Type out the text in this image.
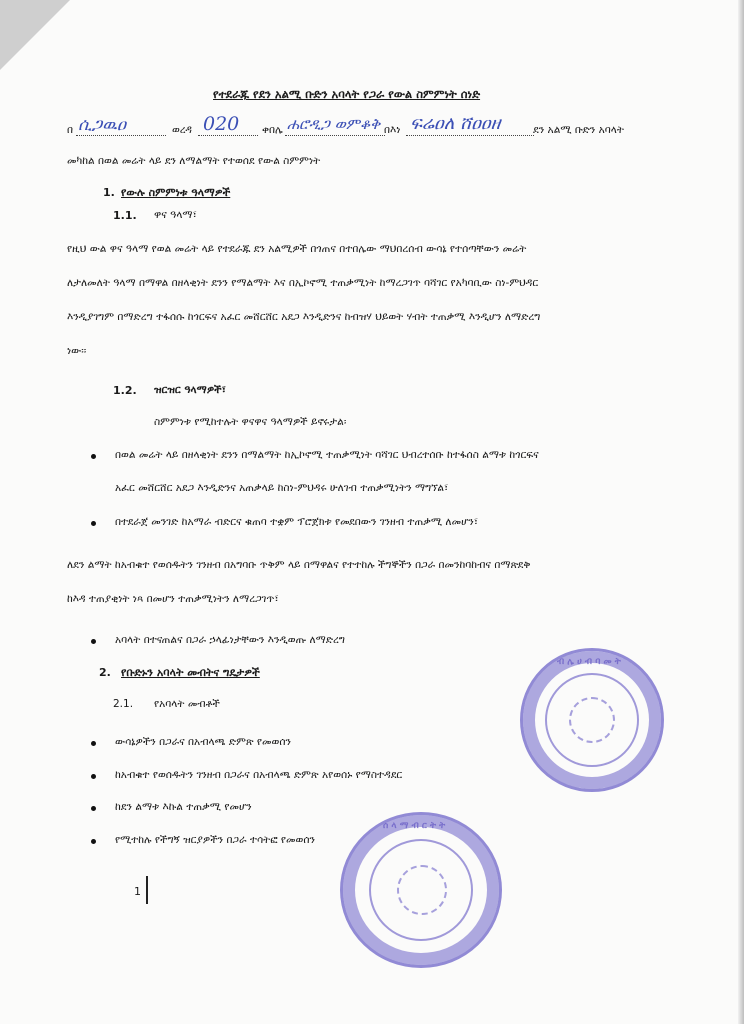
የተደራጁ የደን አልሚ ቡድን አባላት የጋራ የውል ስምምነት ሰነድ
በ ሲጋዉዐ	ወረዳ 020 ቀበሌ ሐሮዲጋ ወምቆቅ በእነ ፍሬዐለ ሸዐዐዘ	ደን አልሚ ቡድን አባላት
መካከል በወል መሬት ላይ ደን ለማልማት የተወሰደ የውል ስምምነት
1. የውሉ ስምምነቱ ዓላማዎች
1.1. ዋና ዓላማ፣
የዚህ ውል ዋና ዓላማ የወል መሬት ላይ የተደራጁ ደን አልሚዎች በጎጠና በተበሌው ማህበረሰብ ውሳኔ የተሰጣቸውን መሬት
ለታለመለት ዓላማ በማዋል በዘላቂነት ደንን የማልማት እና በኢኮኖሚ ተጠቃሚነት ከማረጋገጥ ባሻገር የአካባቢው ስነ-ምህዳር
እንዲያገግም በማድረግ ተፋሰሱ ከጎርፍና አፈር መሸርሸር አደጋ እንዲድንና ከብዝሃ ህይወት ሃብት ተጠቃሚ እንዲሆን ለማድረግ
ነው፡፡
1.2. ዝርዝር ዓላማዎች፣
ስምምነቱ የሚከተሉት ዋናዋና ዓላማዎች ይኖሩታል፡
በወል መሬት ላይ በዘላቂነት ደንን በማልማት ከኢኮኖሚ ተጠቃሚነት ባሻገር ህብረተሰቡ ከተፋሰስ ልማቱ ከጎርፍና
አፈር መሸርሸር አደጋ እንዲድንና አጠቃላይ ከስነ-ምህዳሩ ሁለገብ ተጠቃሚነትን ማግኘል፣
በተደራጀ መንገድ ከአማራ ብድርና ቁጠባ ተቋም ፕሮጀክቱ የመደበውን ገንዘብ ተጠቃሚ ለመሆን፣
ለደን ልማት ከአብቁተ የወሰዱትን ገንዘብ በአግባቡ ጥቅም ላይ በማዋልና የተተከሉ ችግኞችን በጋራ በመንከባከብና በማጽደቅ
ከእዳ ተጠያቂነት ነጻ በመሆን ተጠቃሚነትን ለማረጋገጥ፣
አባላት በተናጠልና በጋራ ኃላፊነታቸውን እንዲወጡ ለማድረግ
2. የቡድኑን አባላት መብትና ግዴታዎች
2.1. የአባላት መብቶች
ውሳኔዎችን በጋራና በአብላጫ ድምጽ የመወሰን
ከአብቁተ የወሰዱትን ገንዘብ በጋራና በአብላጫ ድምጽ አየወሰኑ የማስተዳደር
ከደን ልማቱ እኩል ተጠቃሚ የመሆን
የሚተከሉ የችግኝ ዝርያዎችን በጋራ ተሳትፎ የመወሰን
ብ ሌ ሀ ብ ባ መ ት
ሰ ላ ማ ብ ር ት ት
1
